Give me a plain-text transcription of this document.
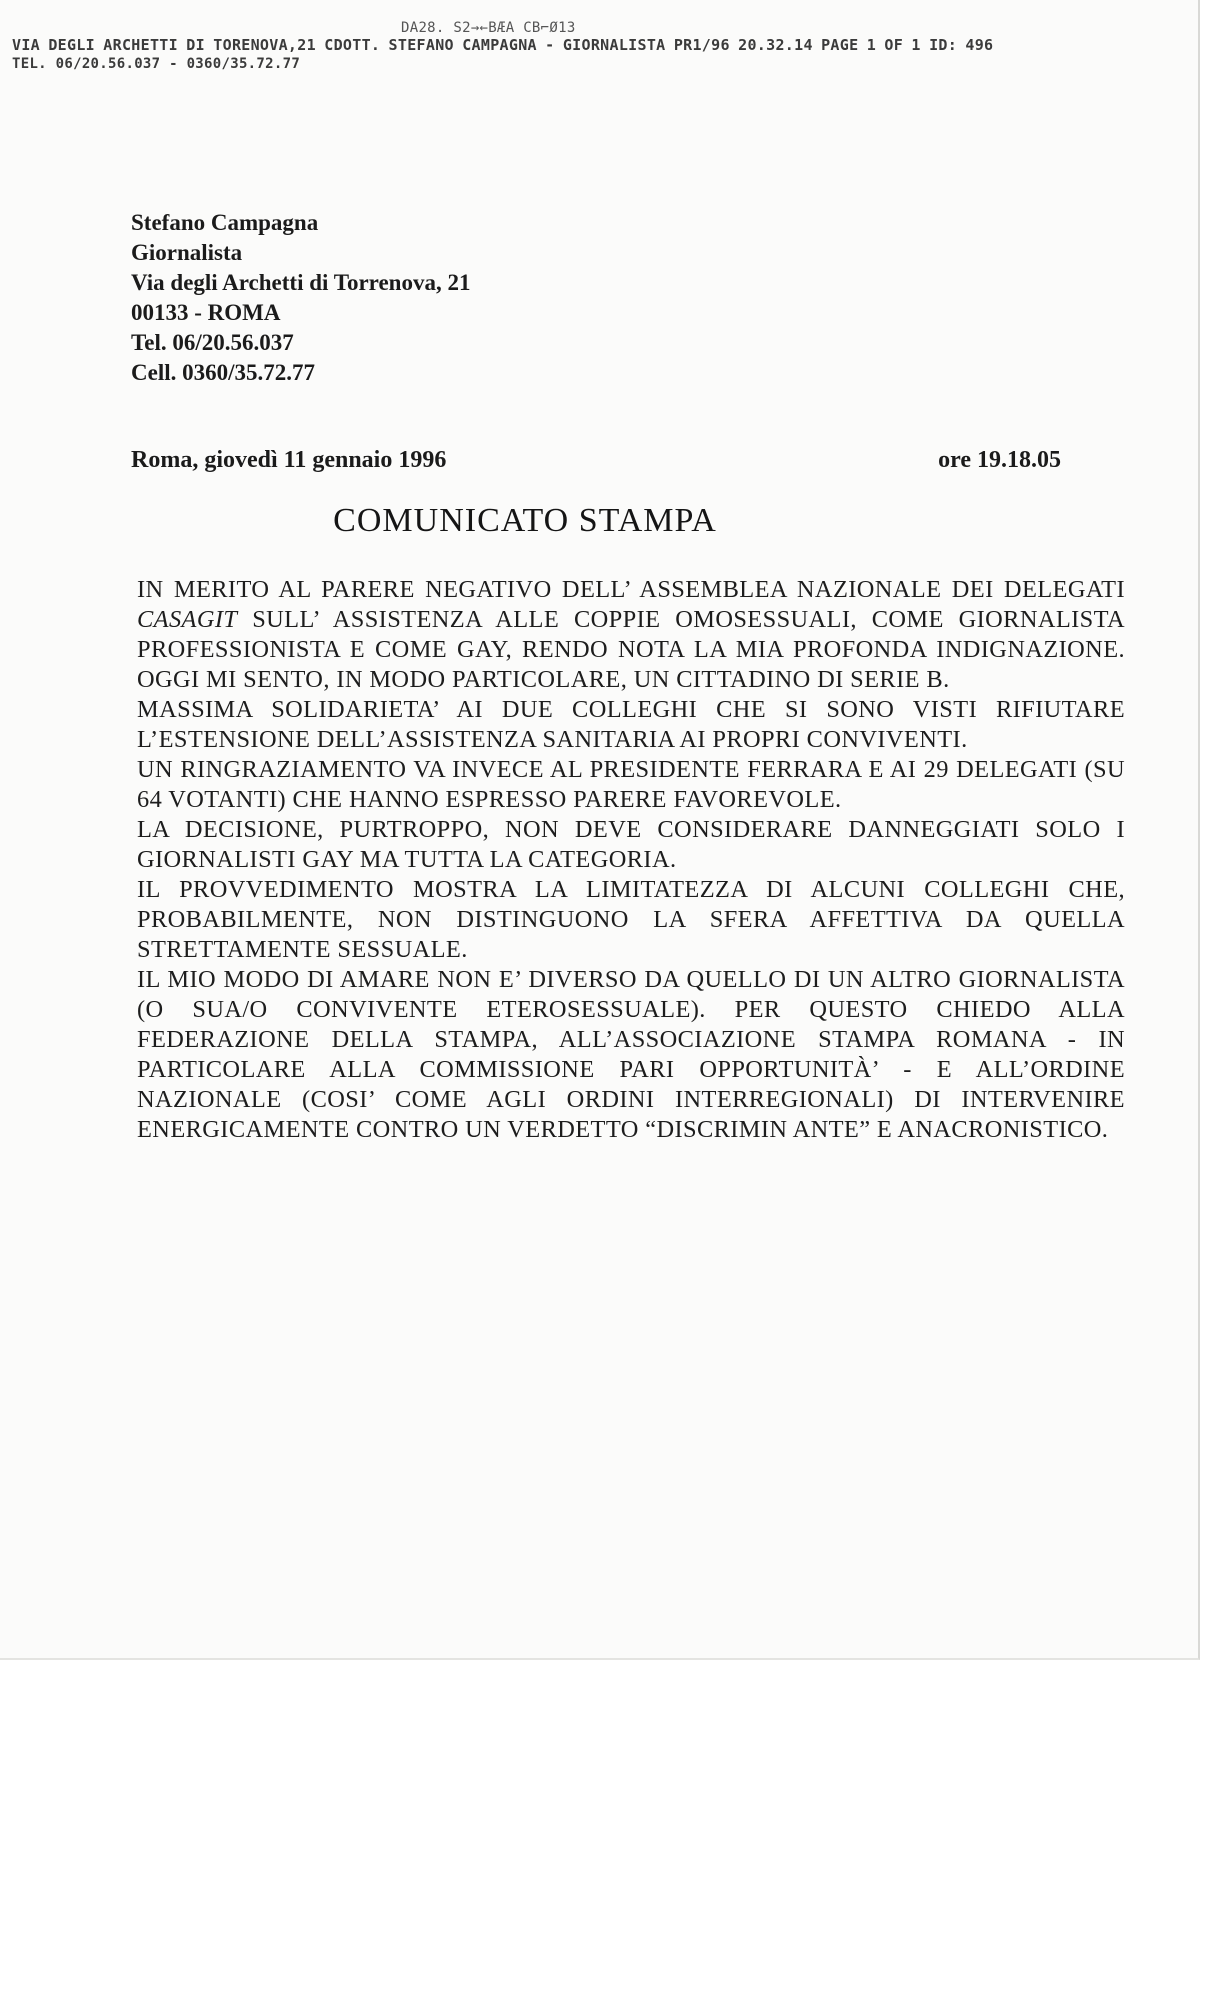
DA28. S2→←BÆA CB⌐Ø13

VIA DEGLI ARCHETTI DI TORENOVA,21 CDOTT. STEFANO CAMPAGNA - GIORNALISTA PR1/96 20.32.14 PAGE 1 OF 1 ID: 496

TEL. 06/20.56.037 - 0360/35.72.77

Stefano Campagna
Giornalista
Via degli Archetti di Torrenova, 21
00133 - ROMA
Tel. 06/20.56.037
Cell. 0360/35.72.77
Roma, giovedì 11 gennaio 1996	ore 19.18.05
COMUNICATO STAMPA

IN MERITO AL PARERE NEGATIVO DELL’ ASSEMBLEA NAZIONALE DEI DELEGATI CASAGIT SULL’ ASSISTENZA ALLE COPPIE OMOSESSUALI, COME GIORNALISTA PROFESSIONISTA E COME GAY, RENDO NOTA LA MIA PROFONDA INDIGNAZIONE. OGGI MI SENTO, IN MODO PARTICOLARE, UN CITTADINO DI SERIE B.

MASSIMA SOLIDARIETA’ AI DUE COLLEGHI CHE SI SONO VISTI RIFIUTARE L’ESTENSIONE DELL’ASSISTENZA SANITARIA AI PROPRI CONVIVENTI.

UN RINGRAZIAMENTO VA INVECE AL PRESIDENTE FERRARA E AI 29 DELEGATI (SU 64 VOTANTI) CHE HANNO ESPRESSO PARERE FAVOREVOLE.

LA DECISIONE, PURTROPPO, NON DEVE CONSIDERARE DANNEGGIATI SOLO I GIORNALISTI GAY MA TUTTA LA CATEGORIA.

IL PROVVEDIMENTO MOSTRA LA LIMITATEZZA DI ALCUNI COLLEGHI CHE, PROBABILMENTE, NON DISTINGUONO LA SFERA AFFETTIVA DA QUELLA STRETTAMENTE SESSUALE.

IL MIO MODO DI AMARE NON E’ DIVERSO DA QUELLO DI UN ALTRO GIORNALISTA (O SUA/O CONVIVENTE ETEROSESSUALE). PER QUESTO CHIEDO ALLA FEDERAZIONE DELLA STAMPA, ALL’ASSOCIAZIONE STAMPA ROMANA - IN PARTICOLARE ALLA COMMISSIONE PARI OPPORTUNITÀ’ - E ALL’ORDINE NAZIONALE (COSI’ COME AGLI ORDINI INTERREGIONALI) DI INTERVENIRE ENERGICAMENTE CONTRO UN VERDETTO “DISCRIMIN ANTE” E ANACRONISTICO.
